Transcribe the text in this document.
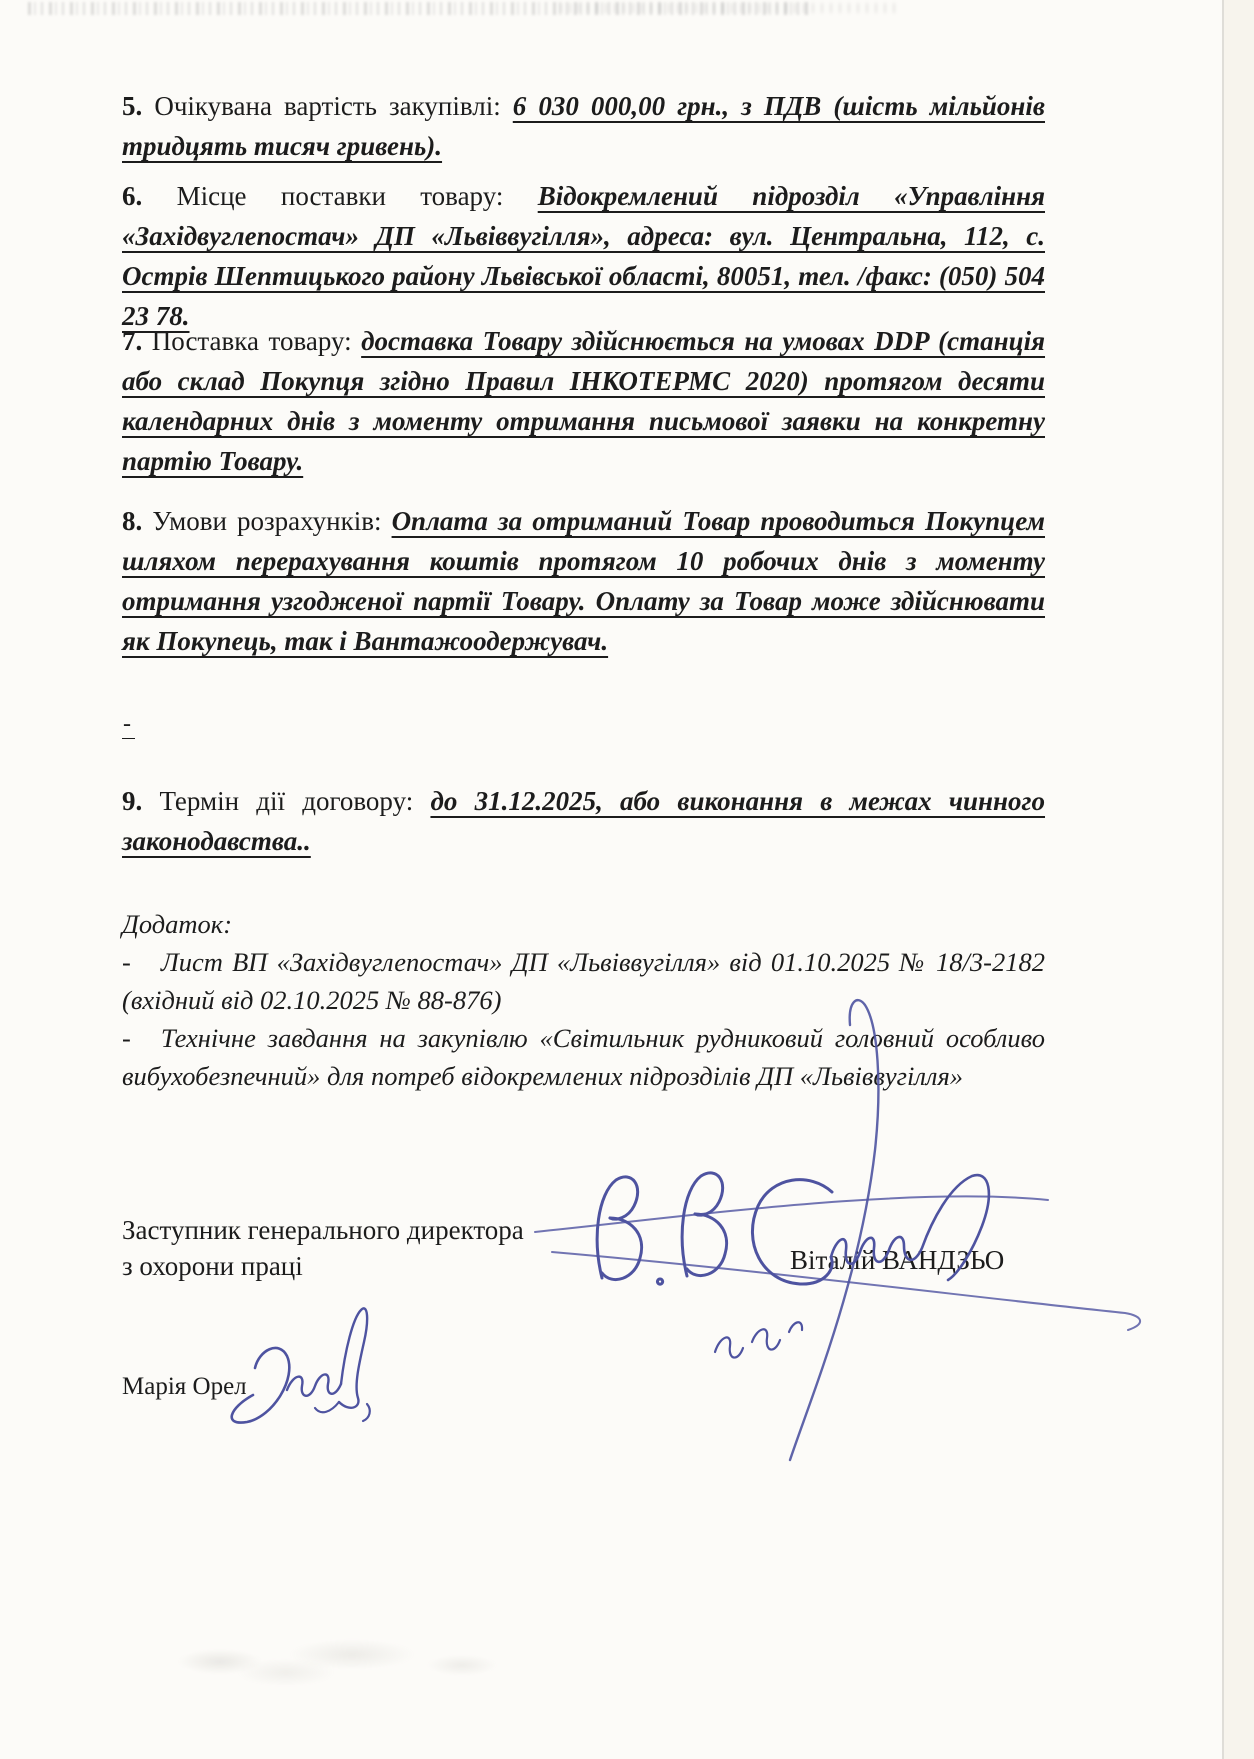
5. Очікувана вартість закупівлі: 6 030 000,00 грн., з ПДВ (шість мільйонів тридцять тисяч гривень).

6. Місце поставки товару: Відокремлений підрозділ «Управління «Західвуглепостач» ДП «Львіввугілля», адреса: вул. Центральна, 112, с. Острів Шептицького району Львівської області, 80051, тел. /факс: (050) 504 23 78.

7. Поставка товару: доставка Товару здійснюється на умовах DDP (станція або склад Покупця згідно Правил ІНКОТЕРМС 2020) протягом десяти календарних днів з моменту отримання письмової заявки на конкретну партію Товару.

8. Умови розрахунків: Оплата за отриманий Товар проводиться Покупцем шляхом перерахування коштів протягом 10 робочих днів з моменту отримання узгодженої партії Товару. Оплату за Товар може здійснювати як Покупець, так і Вантажоодержувач.

-

9. Термін дії договору: до 31.12.2025, або виконання в межах чинного законодавства..

Додаток:

- Лист ВП «Західвуглепостач» ДП «Львіввугілля» від 01.10.2025 № 18/3-2182 (вхідний від 02.10.2025 № 88-876)

- Технічне завдання на закупівлю «Світильник рудниковий головний особливо вибухобезпечний» для потреб відокремлених підрозділів ДП «Львіввугілля»

Заступник генерального директора
з охорони праці	Віталій ВАНДЗЬО
Марія Орел
